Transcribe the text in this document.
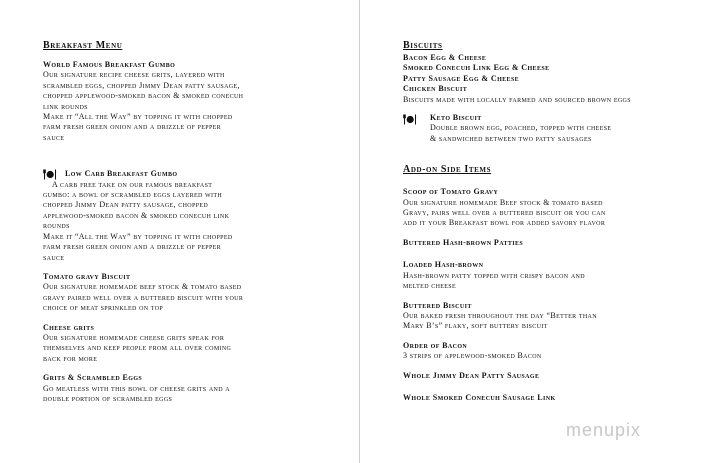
Breakfast Menu
World Famous Breakfast Gumbo
Our signature recipe cheese grits, layered with
scrambled eggs, chopped Jimmy Dean patty sausage,
chopped applewood-smoked bacon & smoked conecuh
link rounds
Make it “All the Way” by topping it with chopped
farm fresh green onion and a drizzle of pepper
sauce
Low Carb Breakfast Gumbo
A carb free take on our famous breakfast
gumbo: a bowl of scrambled eggs layered with
chopped Jimmy Dean patty sausage, chopped
applewood-smoked bacon & smoked conecuh link
rounds
Make it “All the Way” by topping it with chopped
farm fresh green onion and a drizzle of pepper
sauce
Tomato gravy Biscuit
Our signature homemade beef stock & tomato based
gravy paired well over a buttered biscuit with your
choice of meat sprinkled on top
Cheese grits
Our signature homemade cheese grits speak for
themselves and keep people from all over coming
back for more
Grits & Scrambled Eggs
Go meatless with this bowl of cheese grits and a
double portion of scrambled eggs
Biscuits
Bacon Egg & Cheese
Smoked Conecuh Link Egg & Cheese
Patty Sausage Egg & Cheese
Chicken Biscuit
Biscuits made with locally farmed and sourced brown eggs
Keto Biscuit
Double brown egg, poached, topped with cheese
& sandwiched between two patty sausages
Add-on Side Items
Scoop of Tomato Gravy
Our signature homemade Beef stock & tomato based
Gravy, pairs well over a buttered biscuit or you can
add it your Breakfast bowl for added savory flavor
Buttered Hash-brown Patties
Loaded Hash-brown
Hash-brown patty topped with crispy bacon and
melted cheese
Buttered Biscuit
Our baked fresh throughout the day “Better than
Mary B’s” flaky, soft buttery biscuit
Order of Bacon
3 strips of applewood-smoked Bacon
Whole Jimmy Dean Patty Sausage
Whole Smoked Conecuh Sausage Link
menupix
